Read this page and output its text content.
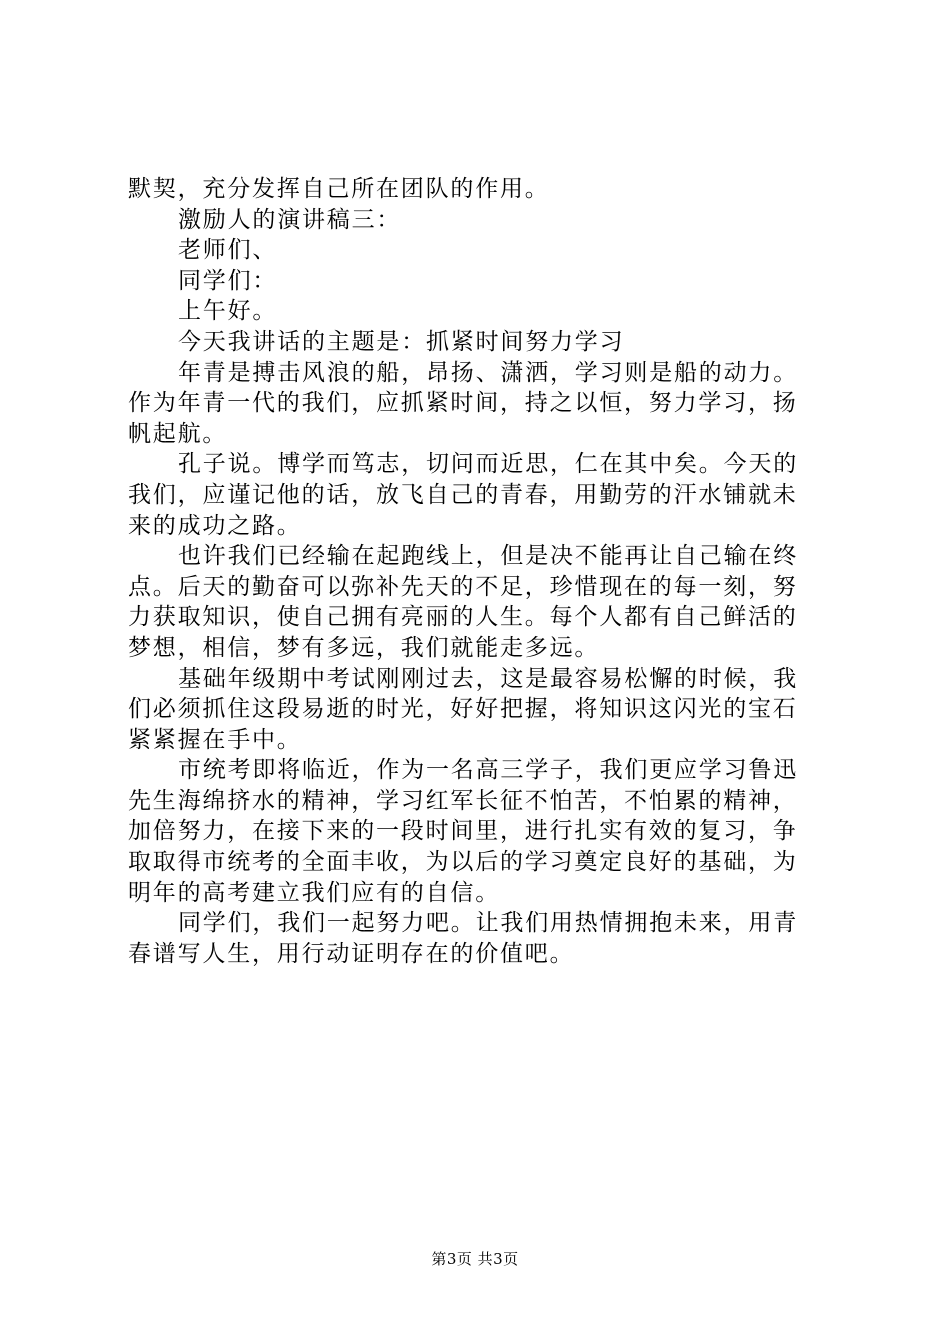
默契，充分发挥自己所在团队的作用。
激励人的演讲稿三：
老师们、
同学们：
上午好。
今天我讲话的主题是：抓紧时间努力学习
年青是搏击风浪的船，昂扬、潇洒，学习则是船的动力。
作为年青一代的我们，应抓紧时间，持之以恒，努力学习，扬
帆起航。
孔子说。博学而笃志，切问而近思，仁在其中矣。今天的
我们，应谨记他的话，放飞自己的青春，用勤劳的汗水铺就未
来的成功之路。
也许我们已经输在起跑线上，但是决不能再让自己输在终
点。后天的勤奋可以弥补先天的不足，珍惜现在的每一刻，努
力获取知识，使自己拥有亮丽的人生。每个人都有自己鲜活的
梦想，相信，梦有多远，我们就能走多远。
基础年级期中考试刚刚过去，这是最容易松懈的时候，我
们必须抓住这段易逝的时光，好好把握，将知识这闪光的宝石
紧紧握在手中。
市统考即将临近，作为一名高三学子，我们更应学习鲁迅
先生海绵挤水的精神，学习红军长征不怕苦，不怕累的精神，
加倍努力，在接下来的一段时间里，进行扎实有效的复习，争
取取得市统考的全面丰收，为以后的学习奠定良好的基础，为
明年的高考建立我们应有的自信。
同学们，我们一起努力吧。让我们用热情拥抱未来，用青
春谱写人生，用行动证明存在的价值吧。
第3页 共3页
